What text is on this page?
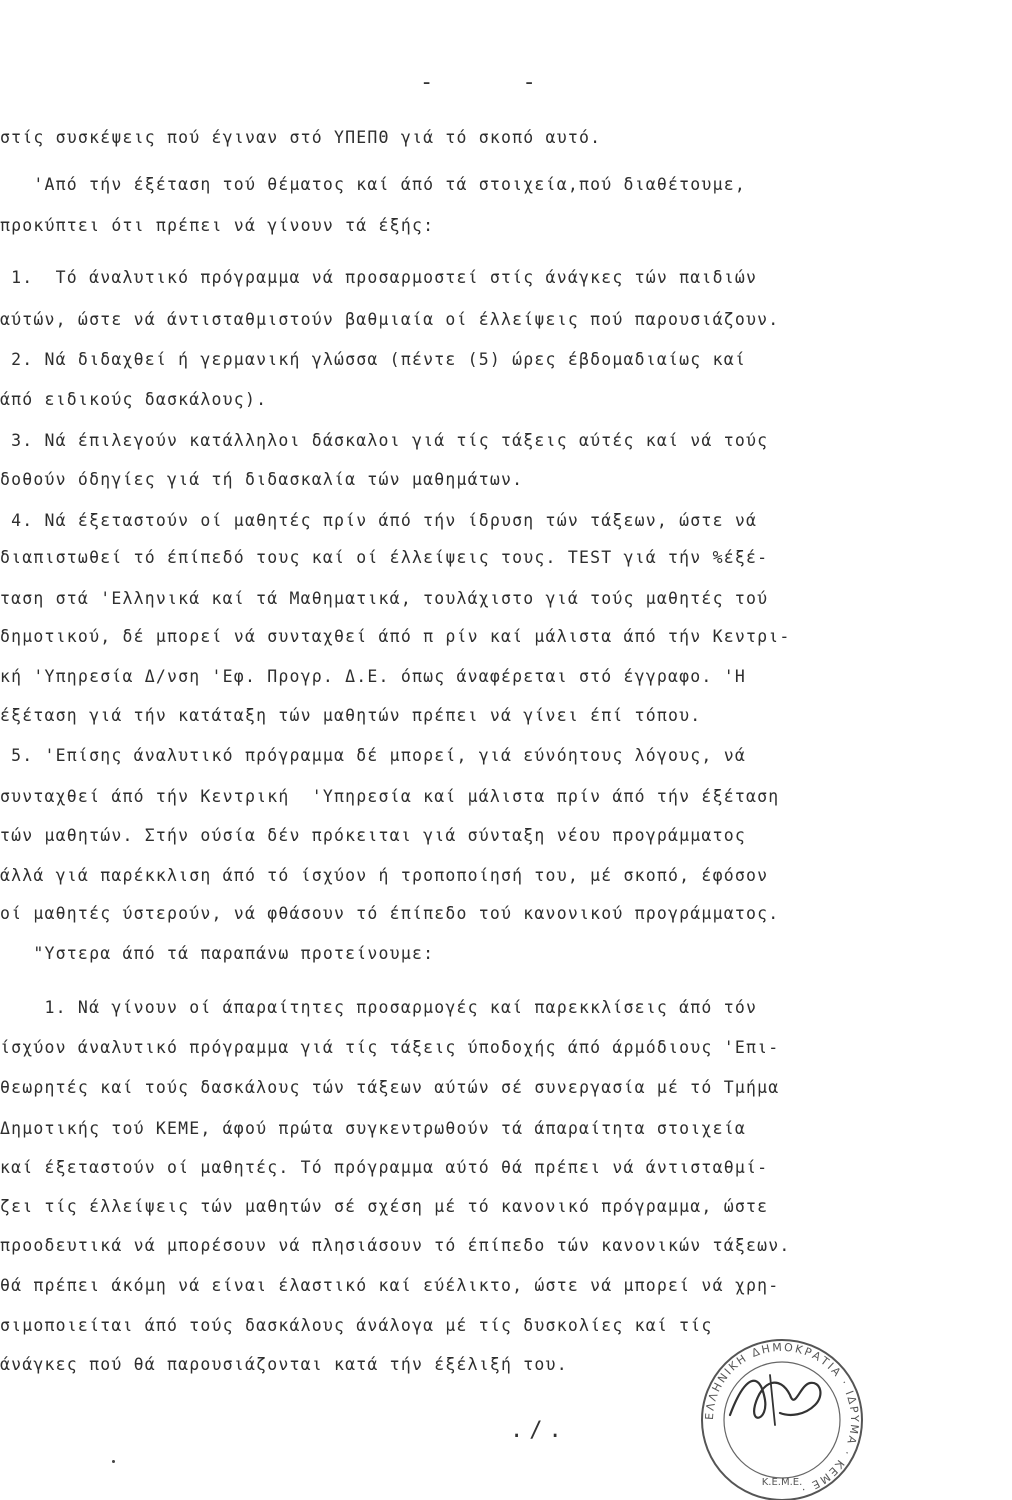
- -
στίς συσκέψεις πού έγιναν στό ΥΠΕΠΘ γιά τό σκοπό αυτό.
'Από τήν έξέταση τού θέματος καί άπό τά στοιχεία,πού διαθέτουμε,
προκύπτει ότι πρέπει νά γίνουν τά έξής:
1.  Τό άναλυτικό πρόγραμμα νά προσαρμοστεί στίς άνάγκες τών παιδιών
αύτών, ώστε νά άντισταθμιστούν βαθμιαία οί έλλείψεις πού παρουσιάζουν.
2. Νά διδαχθεί ή γερμανική γλώσσα (πέντε (5) ώρες έβδομαδιαίως καί
άπό ειδικούς δασκάλους).
3. Νά έπιλεγούν κατάλληλοι δάσκαλοι γιά τίς τάξεις αύτές καί νά τούς
δοθούν όδηγίες γιά τή διδασκαλία τών μαθημάτων.
4. Νά έξεταστούν οί μαθητές πρίν άπό τήν ίδρυση τών τάξεων, ώστε νά
διαπιστωθεί τό έπίπεδό τους καί οί έλλείψεις τους. TEST γιά τήν %έξέ-
ταση στά 'Ελληνικά καί τά Μαθηματικά, τουλάχιστο γιά τούς μαθητές τού
δημοτικού, δέ μπορεί νά συνταχθεί άπό π ρίν καί μάλιστα άπό τήν Κεντρι-
κή 'Υπηρεσία Δ/νση 'Εφ. Προγρ. Δ.Ε. όπως άναφέρεται στό έγγραφο. 'Η
έξέταση γιά τήν κατάταξη τών μαθητών πρέπει νά γίνει έπί τόπου.
5. 'Επίσης άναλυτικό πρόγραμμα δέ μπορεί, γιά εύνόητους λόγους, νά
συνταχθεί άπό τήν Κεντρική  'Υπηρεσία καί μάλιστα πρίν άπό τήν έξέταση
τών μαθητών. Στήν ούσία δέν πρόκειται γιά σύνταξη νέου προγράμματος
άλλά γιά παρέκκλιση άπό τό ίσχύον ή τροποποίησή του, μέ σκοπό, έφόσον
οί μαθητές ύστερούν, νά φθάσουν τό έπίπεδο τού κανονικού προγράμματος.
"Υστερα άπό τά παραπάνω προτείνουμε:
1. Νά γίνουν οί άπαραίτητες προσαρμογές καί παρεκκλίσεις άπό τόν
ίσχύον άναλυτικό πρόγραμμα γιά τίς τάξεις ύποδοχής άπό άρμόδιους 'Επι-
θεωρητές καί τούς δασκάλους τών τάξεων αύτών σέ συνεργασία μέ τό Τμήμα
Δημοτικής τού ΚΕΜΕ, άφού πρώτα συγκεντρωθούν τά άπαραίτητα στοιχεία
καί έξεταστούν οί μαθητές. Τό πρόγραμμα αύτό θά πρέπει νά άντισταθμί-
ζει τίς έλλείψεις τών μαθητών σέ σχέση μέ τό κανονικό πρόγραμμα, ώστε
προοδευτικά νά μπορέσουν νά πλησιάσουν τό έπίπεδο τών κανονικών τάξεων.
θά πρέπει άκόμη νά είναι έλαστικό καί εύέλικτο, ώστε νά μπορεί νά χρη-
σιμοποιείται άπό τούς δασκάλους άνάλογα μέ τίς δυσκολίες καί τίς
άνάγκες πού θά παρουσιάζονται κατά τήν έξέλιξή του.
./.
ΕΛΛΗΝΙΚΗ ΔΗΜΟΚΡΑΤΙΑ · ΙΔΡΥΜΑ · ΚΕΜΕ ·
Κ.Ε.Μ.Ε.
